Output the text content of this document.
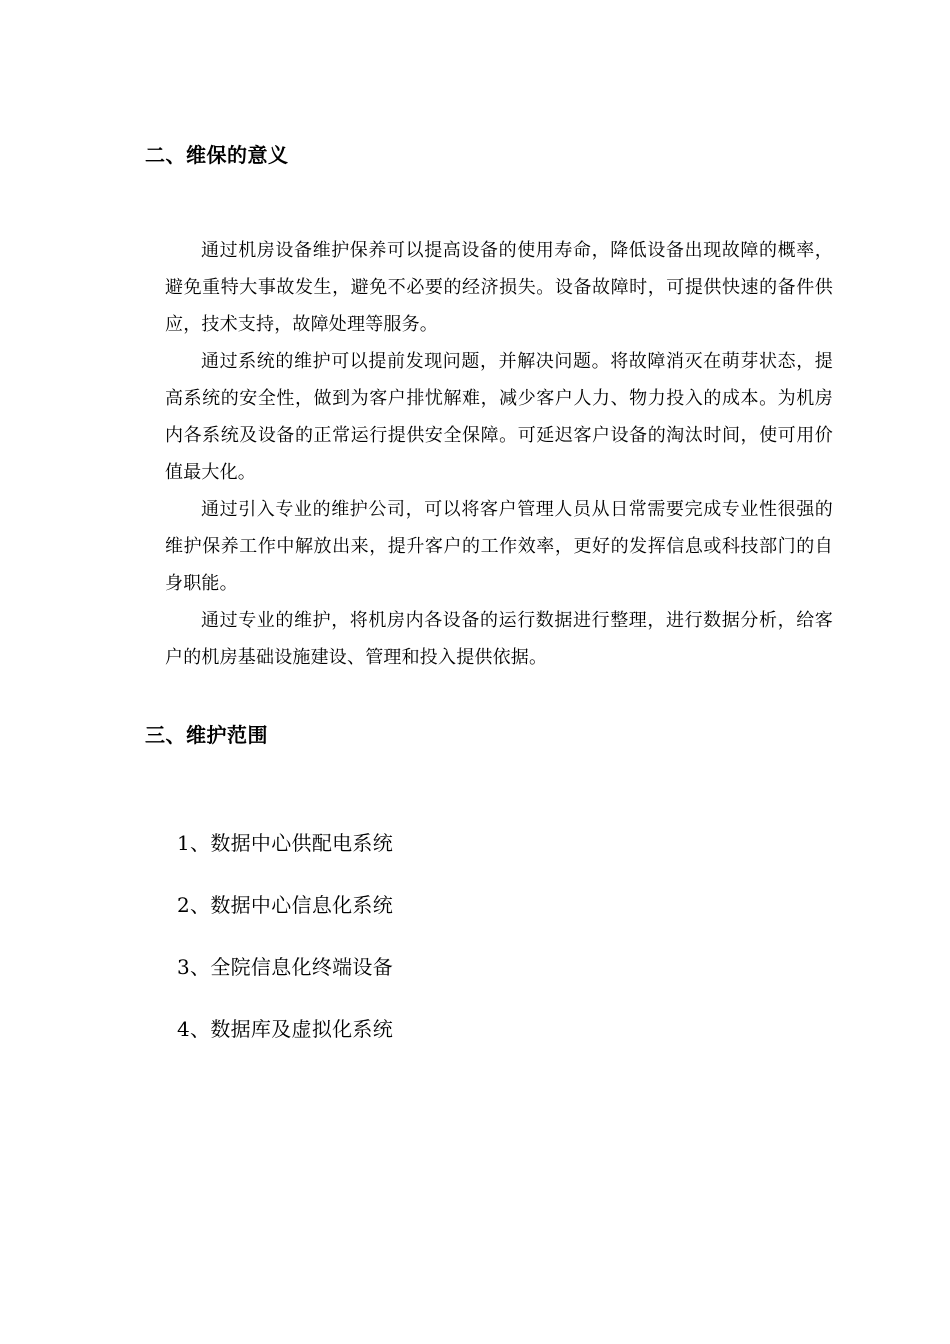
二、维保的意义

通过机房设备维护保养可以提高设备的使用寿命，降低设备出现故障的概率，避免重特大事故发生，避免不必要的经济损失。设备故障时，可提供快速的备件供应，技术支持，故障处理等服务。

通过系统的维护可以提前发现问题，并解决问题。将故障消灭在萌芽状态，提高系统的安全性，做到为客户排忧解难，减少客户人力、物力投入的成本。为机房内各系统及设备的正常运行提供安全保障。可延迟客户设备的淘汰时间，使可用价值最大化。

通过引入专业的维护公司，可以将客户管理人员从日常需要完成专业性很强的维护保养工作中解放出来，提升客户的工作效率，更好的发挥信息或科技部门的自身职能。

通过专业的维护，将机房内各设备的运行数据进行整理，进行数据分析，给客户的机房基础设施建设、管理和投入提供依据。

三、维护范围
1、数据中心供配电系统
2、数据中心信息化系统
3、全院信息化终端设备
4、数据库及虚拟化系统
